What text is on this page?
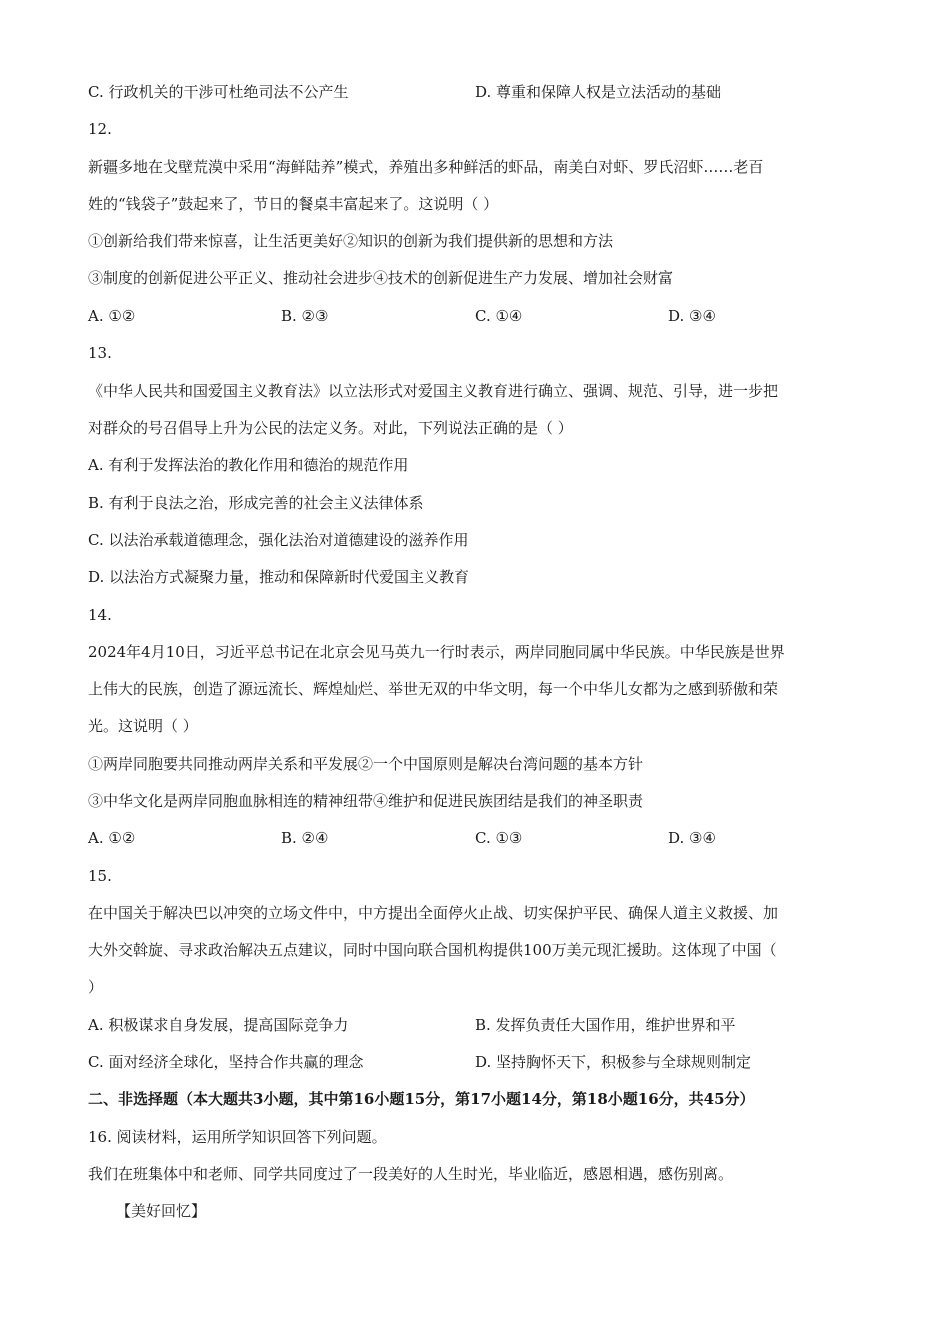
C. 行政机关的干涉可杜绝司法不公产生	D. 尊重和保障人权是立法活动的基础
12.
新疆多地在戈壁荒漠中采用“海鲜陆养”模式，养殖出多种鲜活的虾品，南美白对虾、罗氏沼虾……老百
姓的“钱袋子”鼓起来了，节日的餐桌丰富起来了。这说明（ ）
①创新给我们带来惊喜，让生活更美好②知识的创新为我们提供新的思想和方法
③制度的创新促进公平正义、推动社会进步④技术的创新促进生产力发展、增加社会财富
A. ①②	B. ②③	C. ①④	D. ③④
13.
《中华人民共和国爱国主义教育法》以立法形式对爱国主义教育进行确立、强调、规范、引导，进一步把
对群众的号召倡导上升为公民的法定义务。对此，下列说法正确的是（ ）
A. 有利于发挥法治的教化作用和德治的规范作用
B. 有利于良法之治，形成完善的社会主义法律体系
C. 以法治承载道德理念，强化法治对道德建设的滋养作用
D. 以法治方式凝聚力量，推动和保障新时代爱国主义教育
14.
2024年4月10日，习近平总书记在北京会见马英九一行时表示，两岸同胞同属中华民族。中华民族是世界
上伟大的民族，创造了源远流长、辉煌灿烂、举世无双的中华文明，每一个中华儿女都为之感到骄傲和荣
光。这说明（ ）
①两岸同胞要共同推动两岸关系和平发展②一个中国原则是解决台湾问题的基本方针
③中华文化是两岸同胞血脉相连的精神纽带④维护和促进民族团结是我们的神圣职责
A. ①②	B. ②④	C. ①③	D. ③④
15.
在中国关于解决巴以冲突的立场文件中，中方提出全面停火止战、切实保护平民、确保人道主义救援、加
大外交斡旋、寻求政治解决五点建议，同时中国向联合国机构提供100万美元现汇援助。这体现了中国（
）
A. 积极谋求自身发展，提高国际竞争力	B. 发挥负责任大国作用，维护世界和平
C. 面对经济全球化，坚持合作共赢的理念	D. 坚持胸怀天下，积极参与全球规则制定
二、非选择题（本大题共3小题，其中第16小题15分，第17小题14分，第18小题16分，共45分）
16. 阅读材料，运用所学知识回答下列问题。
我们在班集体中和老师、同学共同度过了一段美好的人生时光，毕业临近，感恩相遇，感伤别离。
【美好回忆】
